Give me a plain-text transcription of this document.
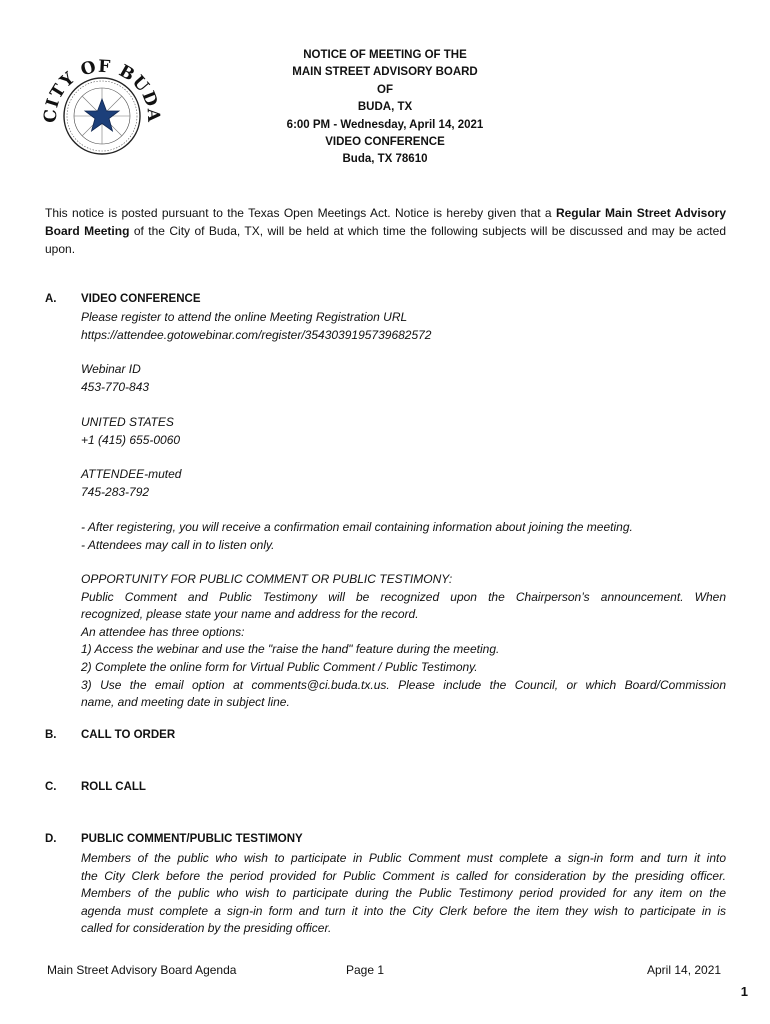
CITY OF BUDA
NOTICE OF MEETING OF THE
MAIN STREET ADVISORY BOARD
OF
BUDA, TX
6:00 PM - Wednesday, April 14, 2021
VIDEO CONFERENCE
Buda, TX 78610
This notice is posted pursuant to the Texas Open Meetings Act. Notice is hereby given that a Regular Main Street Advisory Board Meeting of the City of Buda, TX, will be held at which time the following subjects will be discussed and may be acted upon.
A. VIDEO CONFERENCE
Please register to attend the online Meeting Registration URL
https://attendee.gotowebinar.com/register/3543039195739682572
Webinar ID
453-770-843
UNITED STATES
+1 (415) 655-0060
ATTENDEE-muted
745-283-792
- After registering, you will receive a confirmation email containing information about joining the meeting.
- Attendees may call in to listen only.
OPPORTUNITY FOR PUBLIC COMMENT OR PUBLIC TESTIMONY:
Public Comment and Public Testimony will be recognized upon the Chairperson’s announcement. When
recognized, please state your name and address for the record.
An attendee has three options:
1) Access the webinar and use the "raise the hand" feature during the meeting.
2) Complete the online form for Virtual Public Comment / Public Testimony.
3) Use the email option at comments@ci.buda.tx.us. Please include the Council, or which Board/Commission
name, and meeting date in subject line.
B. CALL TO ORDER
C. ROLL CALL
D. PUBLIC COMMENT/PUBLIC TESTIMONY
Members of the public who wish to participate in Public Comment must complete a sign-in form and turn it into
the City Clerk before the period provided for Public Comment is called for consideration by the presiding officer.
Members of the public who wish to participate during the Public Testimony period provided for any item on the
agenda must complete a sign-in form and turn it into the City Clerk before the item they wish to participate in is
called for consideration by the presiding officer.
Main Street Advisory Board Agenda	Page 1	April 14, 2021
1
